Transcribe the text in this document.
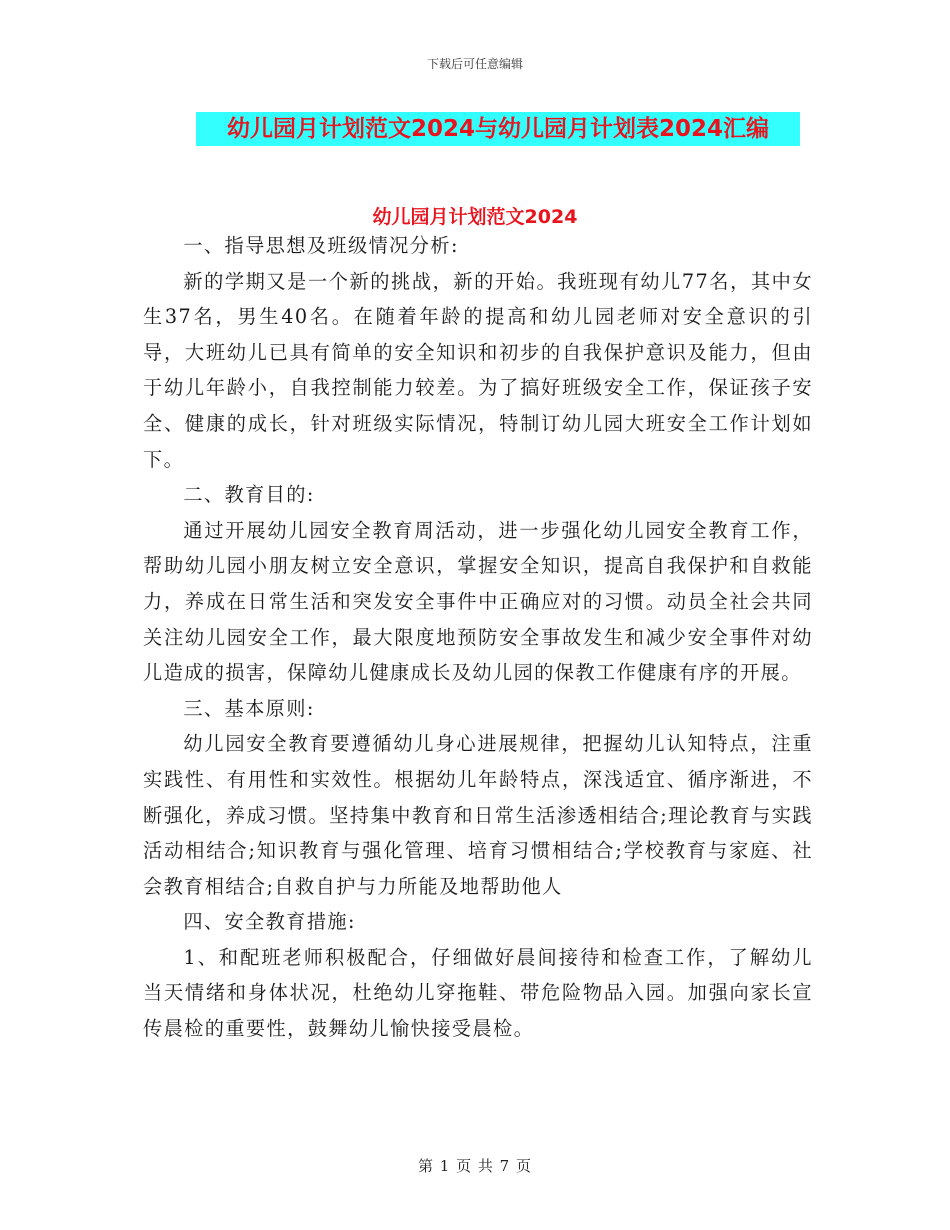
下载后可任意编辑
幼儿园月计划范文2024与幼儿园月计划表2024汇编
幼儿园月计划范文2024

一、指导思想及班级情况分析:

新的学期又是一个新的挑战，新的开始。我班现有幼儿77名，其中女生37名，男生40名。在随着年龄的提高和幼儿园老师对安全意识的引导，大班幼儿已具有简单的安全知识和初步的自我保护意识及能力，但由于幼儿年龄小，自我控制能力较差。为了搞好班级安全工作，保证孩子安全、健康的成长，针对班级实际情况，特制订幼儿园大班安全工作计划如下。

二、教育目的:

通过开展幼儿园安全教育周活动，进一步强化幼儿园安全教育工作，帮助幼儿园小朋友树立安全意识，掌握安全知识，提高自我保护和自救能力，养成在日常生活和突发安全事件中正确应对的习惯。动员全社会共同关注幼儿园安全工作，最大限度地预防安全事故发生和减少安全事件对幼儿造成的损害，保障幼儿健康成长及幼儿园的保教工作健康有序的开展。

三、基本原则:

幼儿园安全教育要遵循幼儿身心进展规律，把握幼儿认知特点，注重实践性、有用性和实效性。根据幼儿年龄特点，深浅适宜、循序渐进，不断强化，养成习惯。坚持集中教育和日常生活渗透相结合;理论教育与实践活动相结合;知识教育与强化管理、培育习惯相结合;学校教育与家庭、社会教育相结合;自救自护与力所能及地帮助他人

四、安全教育措施:

1、和配班老师积极配合，仔细做好晨间接待和检查工作，了解幼儿当天情绪和身体状况，杜绝幼儿穿拖鞋、带危险物品入园。加强向家长宣传晨检的重要性，鼓舞幼儿愉快接受晨检。

第 1 页 共 7 页
